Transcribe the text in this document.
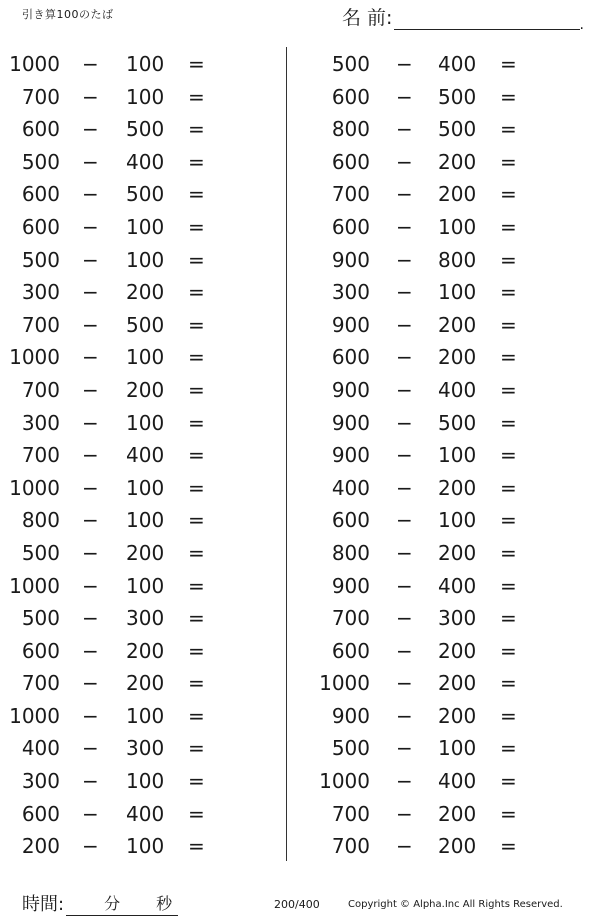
引き算100のたば	名 前:	.
1000 − 100 =
700 − 100 =
600 − 500 =
500 − 400 =
600 − 500 =
600 − 100 =
500 − 100 =
300 − 200 =
700 − 500 =
1000 − 100 =
700 − 200 =
300 − 100 =
700 − 400 =
1000 − 100 =
800 − 100 =
500 − 200 =
1000 − 100 =
500 − 300 =
600 − 200 =
700 − 200 =
1000 − 100 =
400 − 300 =
300 − 100 =
600 − 400 =
200 − 100 =
500 − 400 =
600 − 500 =
800 − 500 =
600 − 200 =
700 − 200 =
600 − 100 =
900 − 800 =
300 − 100 =
900 − 200 =
600 − 200 =
900 − 400 =
900 − 500 =
900 − 100 =
400 − 200 =
600 − 100 =
800 − 200 =
900 − 400 =
700 − 300 =
600 − 200 =
1000 − 200 =
900 − 200 =
500 − 100 =
1000 − 400 =
700 − 200 =
700 − 200 =
時間:	分 秒	200/400	Copyright © Alpha.Inc All Rights Reserved.
